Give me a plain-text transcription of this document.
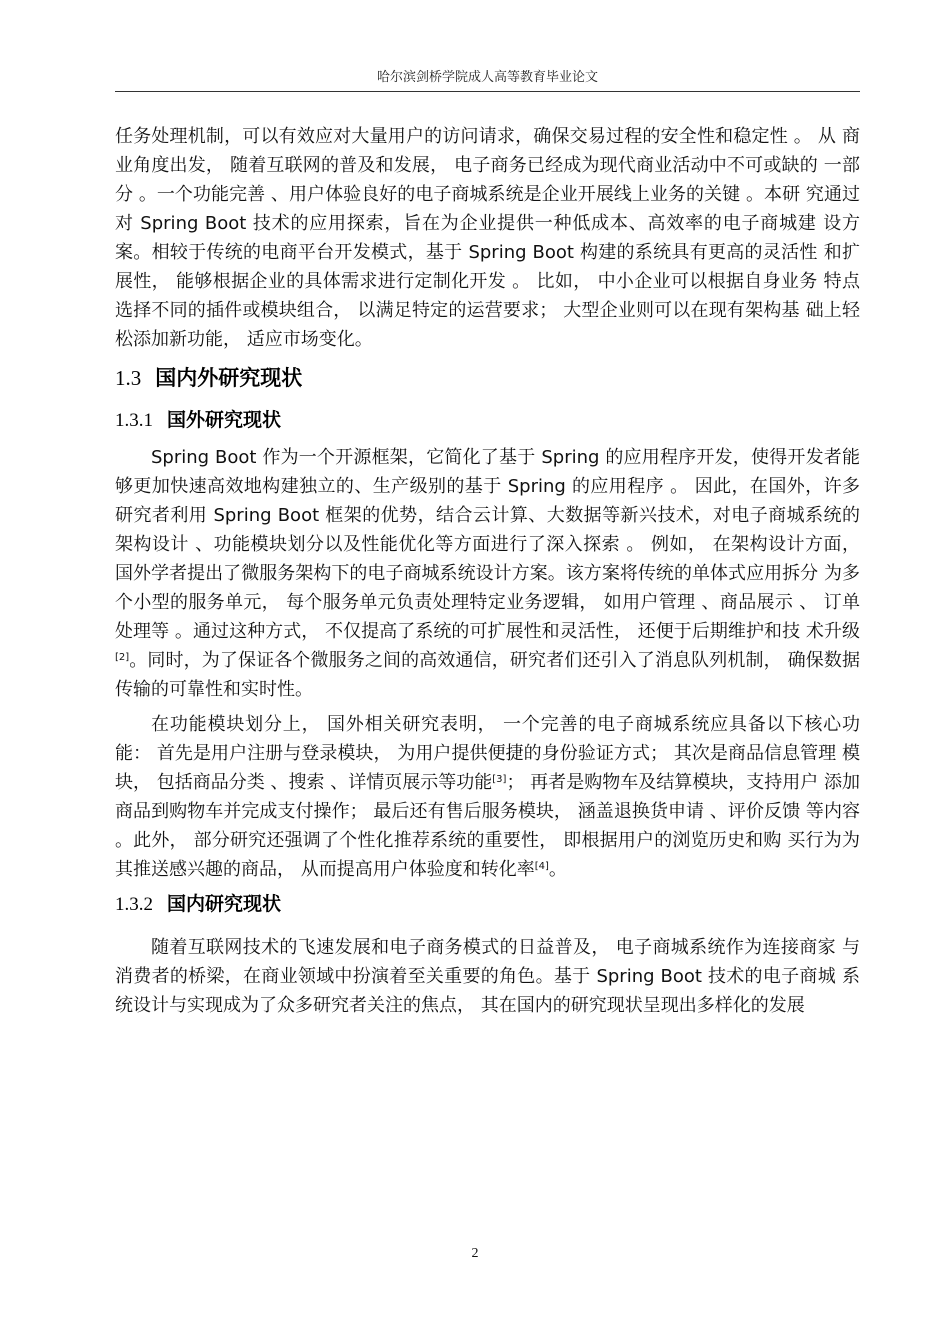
哈尔滨剑桥学院成人高等教育毕业论文

任务处理机制，可以有效应对大量用户的访问请求，确保交易过程的安全性和稳定性 。 从 商业角度出发， 随着互联网的普及和发展， 电子商务已经成为现代商业活动中不可或缺的 一部分 。一个功能完善 、用户体验良好的电子商城系统是企业开展线上业务的关键 。本研 究通过对 Spring Boot 技术的应用探索，旨在为企业提供一种低成本、高效率的电子商城建 设方案。相较于传统的电商平台开发模式，基于 Spring Boot 构建的系统具有更高的灵活性 和扩展性， 能够根据企业的具体需求进行定制化开发 。 比如， 中小企业可以根据自身业务 特点选择不同的插件或模块组合， 以满足特定的运营要求； 大型企业则可以在现有架构基 础上轻松添加新功能， 适应市场变化。

1.3 国内外研究现状
1.3.1 国外研究现状

Spring Boot 作为一个开源框架，它简化了基于 Spring 的应用程序开发，使得开发者能够更加快速高效地构建独立的、生产级别的基于 Spring 的应用程序 。 因此，在国外，许多 研究者利用 Spring Boot 框架的优势，结合云计算、大数据等新兴技术，对电子商城系统的 架构设计 、功能模块划分以及性能优化等方面进行了深入探索 。 例如， 在架构设计方面， 国外学者提出了微服务架构下的电子商城系统设计方案。该方案将传统的单体式应用拆分 为多个小型的服务单元， 每个服务单元负责处理特定业务逻辑， 如用户管理 、商品展示 、 订单处理等 。通过这种方式， 不仅提高了系统的可扩展性和灵活性， 还便于后期维护和技 术升级[2]。同时，为了保证各个微服务之间的高效通信，研究者们还引入了消息队列机制， 确保数据传输的可靠性和实时性。

在功能模块划分上， 国外相关研究表明， 一个完善的电子商城系统应具备以下核心功 能： 首先是用户注册与登录模块， 为用户提供便捷的身份验证方式； 其次是商品信息管理 模块， 包括商品分类 、搜索 、详情页展示等功能[3]； 再者是购物车及结算模块，支持用户 添加商品到购物车并完成支付操作； 最后还有售后服务模块， 涵盖退换货申请 、评价反馈 等内容 。此外， 部分研究还强调了个性化推荐系统的重要性， 即根据用户的浏览历史和购 买行为为其推送感兴趣的商品， 从而提高用户体验度和转化率[4]。

1.3.2 国内研究现状

随着互联网技术的飞速发展和电子商务模式的日益普及， 电子商城系统作为连接商家 与消费者的桥梁，在商业领域中扮演着至关重要的角色。基于 Spring Boot 技术的电子商城 系统设计与实现成为了众多研究者关注的焦点， 其在国内的研究现状呈现出多样化的发展

2
